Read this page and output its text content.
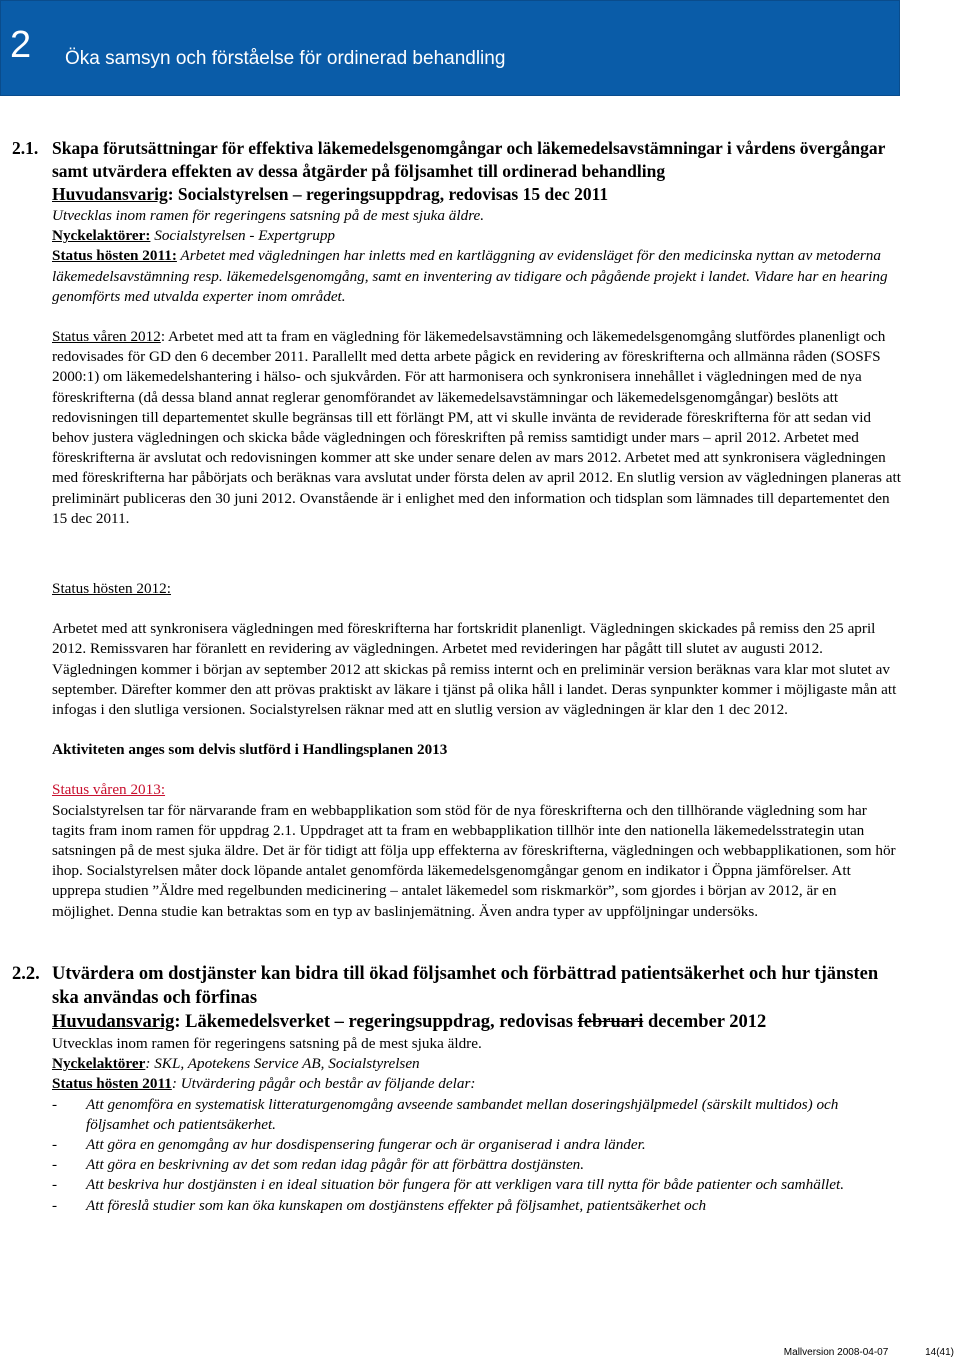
2 Öka samsyn och förståelse för ordinerad behandling
2.1. Skapa förutsättningar för effektiva läkemedelsgenomgångar och läkemedelsavstämningar i vårdens övergångar samt utvärdera effekten av dessa åtgärder på följsamhet till ordinerad behandling
Huvudansvarig: Socialstyrelsen – regeringsuppdrag, redovisas 15 dec 2011

Utvecklas inom ramen för regeringens satsning på de mest sjuka äldre.

Nyckelaktörer: Socialstyrelsen - Expertgrupp

Status hösten 2011: Arbetet med vägledningen har inletts med en kartläggning av evidensläget för den medicinska nyttan av metoderna läkemedelsavstämning resp. läkemedelsgenomgång, samt en inventering av tidigare och pågående projekt i landet. Vidare har en hearing genomförts med utvalda experter inom området.

Status våren 2012: Arbetet med att ta fram en vägledning för läkemedelsavstämning och läkemedelsgenomgång slutfördes planenligt och redovisades för GD den 6 december 2011. Parallellt med detta arbete pågick en revidering av föreskrifterna och allmänna råden (SOSFS 2000:1) om läkemedelshantering i hälso- och sjukvården. För att harmonisera och synkronisera innehållet i vägledningen med de nya föreskrifterna (då dessa bland annat reglerar genomförandet av läkemedelsavstämningar och läkemedelsgenomgångar) beslöts att redovisningen till departementet skulle begränsas till ett förlängt PM, att vi skulle invänta de reviderade föreskrifterna för att sedan vid behov justera vägledningen och skicka både vägledningen och föreskriften på remiss samtidigt under mars – april 2012. Arbetet med föreskrifterna är avslutat och redovisningen kommer att ske under senare delen av mars 2012. Arbetet med att synkronisera vägledningen med föreskrifterna har påbörjats och beräknas vara avslutat under första delen av april 2012. En slutlig version av vägledningen planeras att preliminärt publiceras den 30 juni 2012. Ovanstående är i enlighet med den information och tidsplan som lämnades till departementet den 15 dec 2011.

Status hösten 2012:

Arbetet med att synkronisera vägledningen med föreskrifterna har fortskridit planenligt. Vägledningen skickades på remiss den 25 april 2012. Remissvaren har föranlett en revidering av vägledningen. Arbetet med revideringen har pågått till slutet av augusti 2012. Vägledningen kommer i början av september 2012 att skickas på remiss internt och en preliminär version beräknas vara klar mot slutet av september. Därefter kommer den att prövas praktiskt av läkare i tjänst på olika håll i landet. Deras synpunkter kommer i möjligaste mån att infogas i den slutliga versionen. Socialstyrelsen räknar med att en slutlig version av vägledningen är klar den 1 dec 2012.

Aktiviteten anges som delvis slutförd i Handlingsplanen 2013

Status våren 2013:

Socialstyrelsen tar för närvarande fram en webbapplikation som stöd för de nya föreskrifterna och den tillhörande vägledning som har tagits fram inom ramen för uppdrag 2.1. Uppdraget att ta fram en webbapplikation tillhör inte den nationella läkemedelsstrategin utan satsningen på de mest sjuka äldre. Det är för tidigt att följa upp effekterna av föreskrifterna, vägledningen och webbapplikationen, som hör ihop. Socialstyrelsen måter dock löpande antalet genomförda läkemedelsgenomgångar genom en indikator i Öppna jämförelser. Att upprepa studien ”Äldre med regelbunden medicinering – antalet läkemedel som riskmarkör”, som gjordes i början av 2012, är en möjlighet. Denna studie kan betraktas som en typ av baslinjemätning. Även andra typer av uppföljningar undersöks.

2.2. Utvärdera om dostjänster kan bidra till ökad följsamhet och förbättrad patientsäkerhet och hur tjänsten ska användas och förfinas
Huvudansvarig: Läkemedelsverket – regeringsuppdrag, redovisas februari december 2012

Utvecklas inom ramen för regeringens satsning på de mest sjuka äldre.

Nyckelaktörer: SKL, Apotekens Service AB, Socialstyrelsen

Status hösten 2011: Utvärdering pågår och består av följande delar:

- Att genomföra en systematisk litteraturgenomgång avseende sambandet mellan doseringshjälpmedel (särskilt multidos) och följsamhet och patientsäkerhet.
- Att göra en genomgång av hur dosdispensering fungerar och är organiserad i andra länder.
- Att göra en beskrivning av det som redan idag pågår för att förbättra dostjänsten.
- Att beskriva hur dostjänsten i en ideal situation bör fungera för att verkligen vara till nytta för både patienter och samhället.
- Att föreslå studier som kan öka kunskapen om dostjänstens effekter på följsamhet, patientsäkerhet och
Mallversion 2008-04-07	14(41)
